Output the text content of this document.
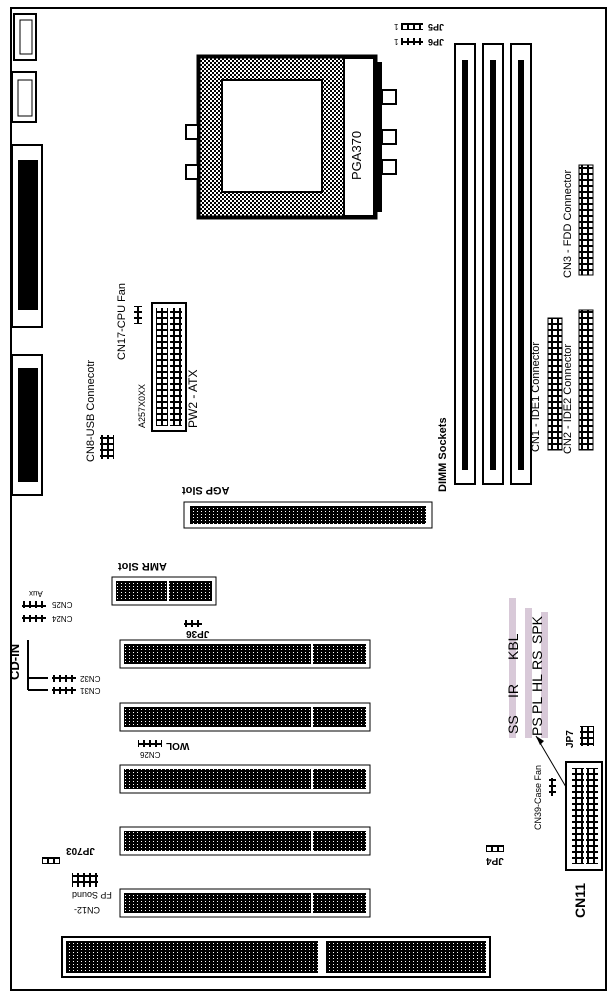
JP5
1
JP6
1
PGA370
CN3 - FDD Connector
CN1 - IDE1 Connector CN2 - IDE2 Connector
DIMM Sockets
CN17-CPU Fan
A257X0XX	PW2 - ATX
CN8-USB Connecotr
AGP Slot
AMR Slot
CN25
Aux
CN24
JP36
CD-IN	CN32
CN31
CN26
WOL	JP7
CN39-Case Fan
JP4
JP703
CN12-
FP Sound	CN11
KBL
IR
SS
SPK
RS
HL
PL
PS
